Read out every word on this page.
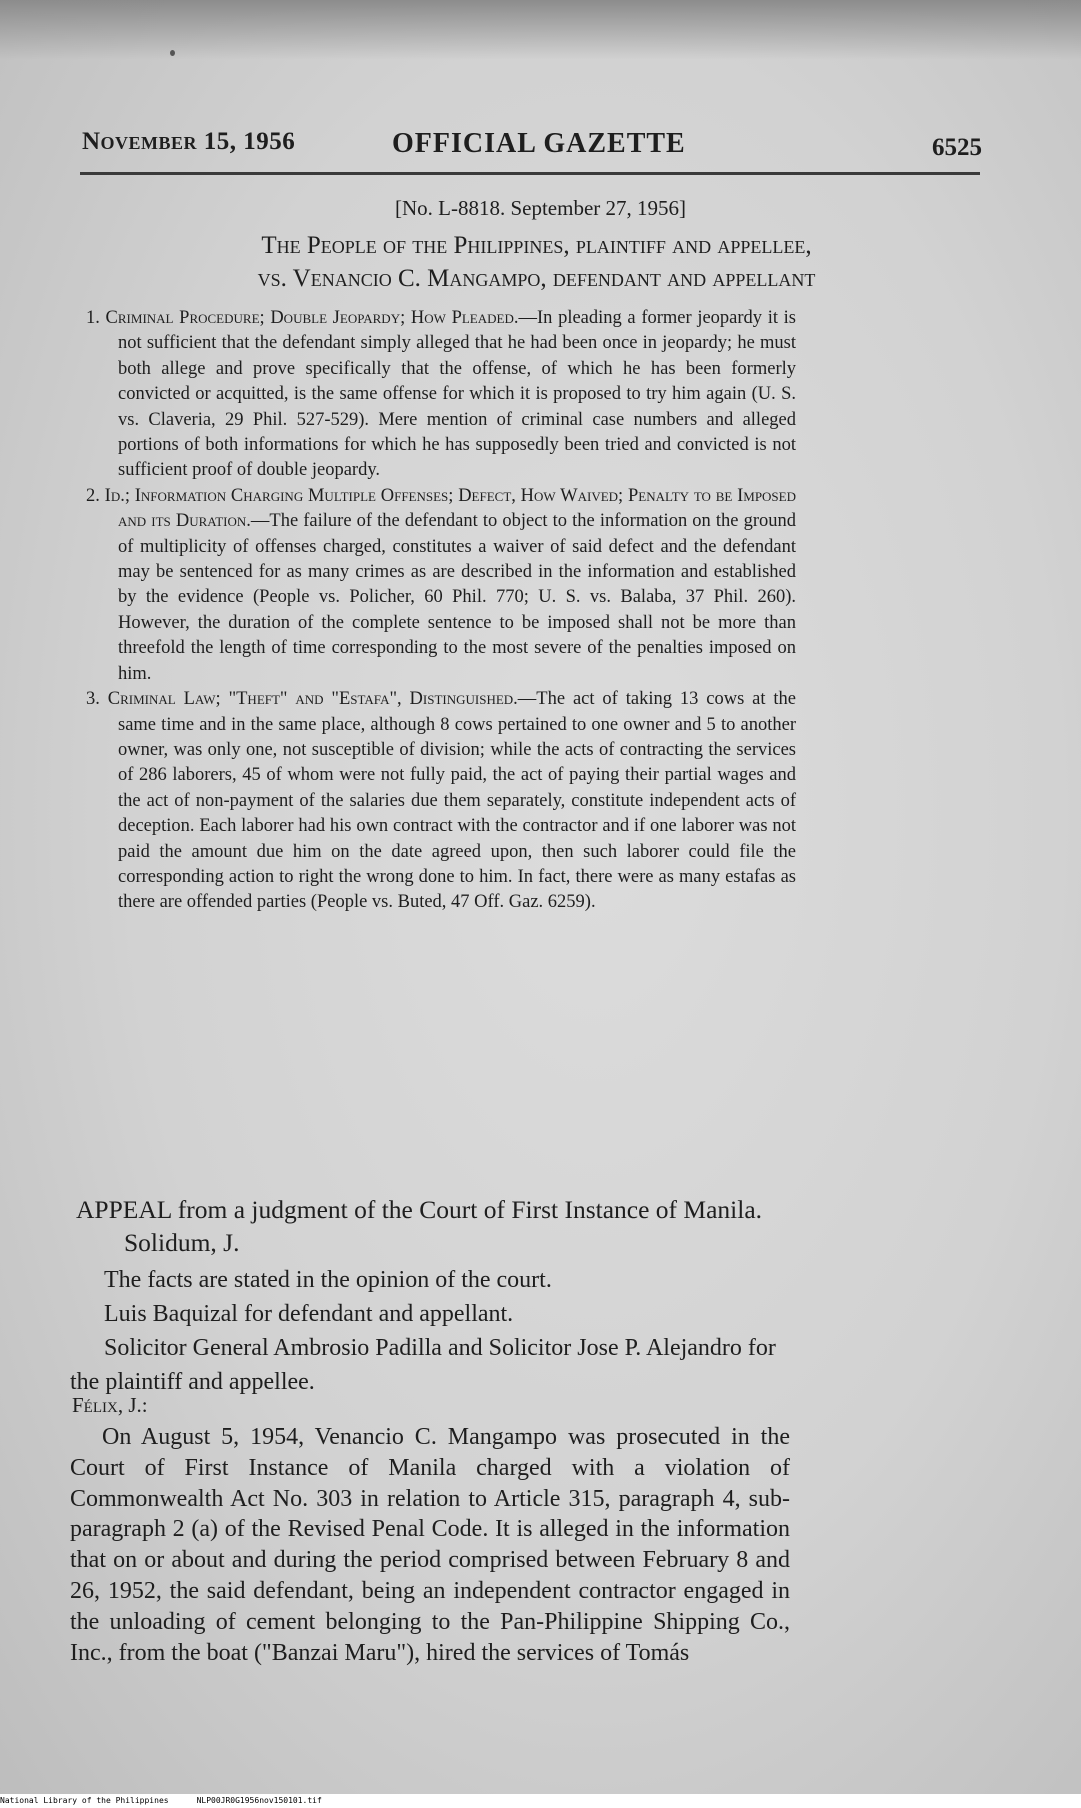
November 15, 1956	OFFICIAL GAZETTE	6525
[No. L-8818. September 27, 1956]
The People of the Philippines, plaintiff and appellee,
vs. Venancio C. Mangampo, defendant and appellant

1. Criminal Procedure; Double Jeopardy; How Pleaded.—In pleading a former jeopardy it is not sufficient that the defendant simply alleged that he had been once in jeopardy; he must both allege and prove specifically that the offense, of which he has been formerly convicted or acquitted, is the same offense for which it is proposed to try him again (U. S. vs. Claveria, 29 Phil. 527-529). Mere mention of criminal case numbers and alleged portions of both informations for which he has supposedly been tried and convicted is not sufficient proof of double jeopardy.

2. Id.; Information Charging Multiple Offenses; Defect, How Waived; Penalty to be Imposed and its Duration.—The failure of the defendant to object to the information on the ground of multiplicity of offenses charged, constitutes a waiver of said defect and the defendant may be sentenced for as many crimes as are described in the information and established by the evidence (People vs. Policher, 60 Phil. 770; U. S. vs. Balaba, 37 Phil. 260). However, the duration of the complete sentence to be imposed shall not be more than threefold the length of time corresponding to the most severe of the penalties imposed on him.

3. Criminal Law; "Theft" and "Estafa", Distinguished.—The act of taking 13 cows at the same time and in the same place, although 8 cows pertained to one owner and 5 to another owner, was only one, not susceptible of division; while the acts of contracting the services of 286 laborers, 45 of whom were not fully paid, the act of paying their partial wages and the act of non-payment of the salaries due them separately, constitute independent acts of deception. Each laborer had his own contract with the contractor and if one laborer was not paid the amount due him on the date agreed upon, then such laborer could file the corresponding action to right the wrong done to him. In fact, there were as many estafas as there are offended parties (People vs. Buted, 47 Off. Gaz. 6259).

APPEAL from a judgment of the Court of First Instance of Manila. Solidum, J.

The facts are stated in the opinion of the court.

Luis Baquizal for defendant and appellant.

Solicitor General Ambrosio Padilla and Solicitor Jose P. Alejandro for the plaintiff and appellee.

Félix, J.:

On August 5, 1954, Venancio C. Mangampo was prosecuted in the Court of First Instance of Manila charged with a violation of Commonwealth Act No. 303 in relation to Article 315, paragraph 4, sub-paragraph 2 (a) of the Revised Penal Code. It is alleged in the information that on or about and during the period comprised between February 8 and 26, 1952, the said defendant, being an independent contractor engaged in the unloading of cement belonging to the Pan-Philippine Shipping Co., Inc., from the boat ("Banzai Maru"), hired the services of Tomás

National Library of the Philippines	NLP00JR0G1956nov150101.tif
